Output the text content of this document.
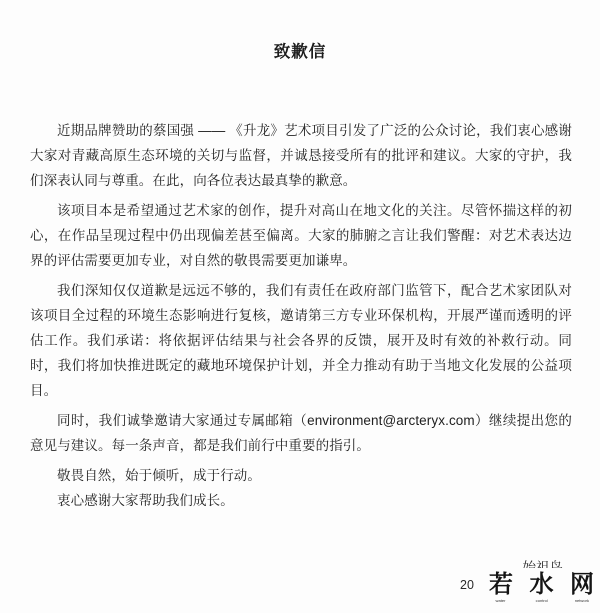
致歉信

近期品牌赞助的蔡国强 —— 《升龙》艺术项目引发了广泛的公众讨论，我们衷心感谢大家对青藏高原生态环境的关切与监督，并诚恳接受所有的批评和建议。大家的守护，我们深表认同与尊重。在此，向各位表达最真挚的歉意。

该项目本是希望通过艺术家的创作，提升对高山在地文化的关注。尽管怀揣这样的初心，在作品呈现过程中仍出现偏差甚至偏离。大家的肺腑之言让我们警醒：对艺术表达边界的评估需要更加专业，对自然的敬畏需要更加谦卑。

我们深知仅仅道歉是远远不够的，我们有责任在政府部门监管下，配合艺术家团队对该项目全过程的环境生态影响进行复核，邀请第三方专业环保机构，开展严谨而透明的评估工作。我们承诺：将依据评估结果与社会各界的反馈，展开及时有效的补救行动。同时，我们将加快推进既定的藏地环境保护计划，并全力推动有助于当地文化发展的公益项目。

同时，我们诚挚邀请大家通过专属邮箱（environment@arcteryx.com）继续提出您的意见与建议。每一条声音，都是我们前行中重要的指引。

敬畏自然，始于倾听，成于行动。

衷心感谢大家帮助我们成长。

20 若
water
水
control
网
network
